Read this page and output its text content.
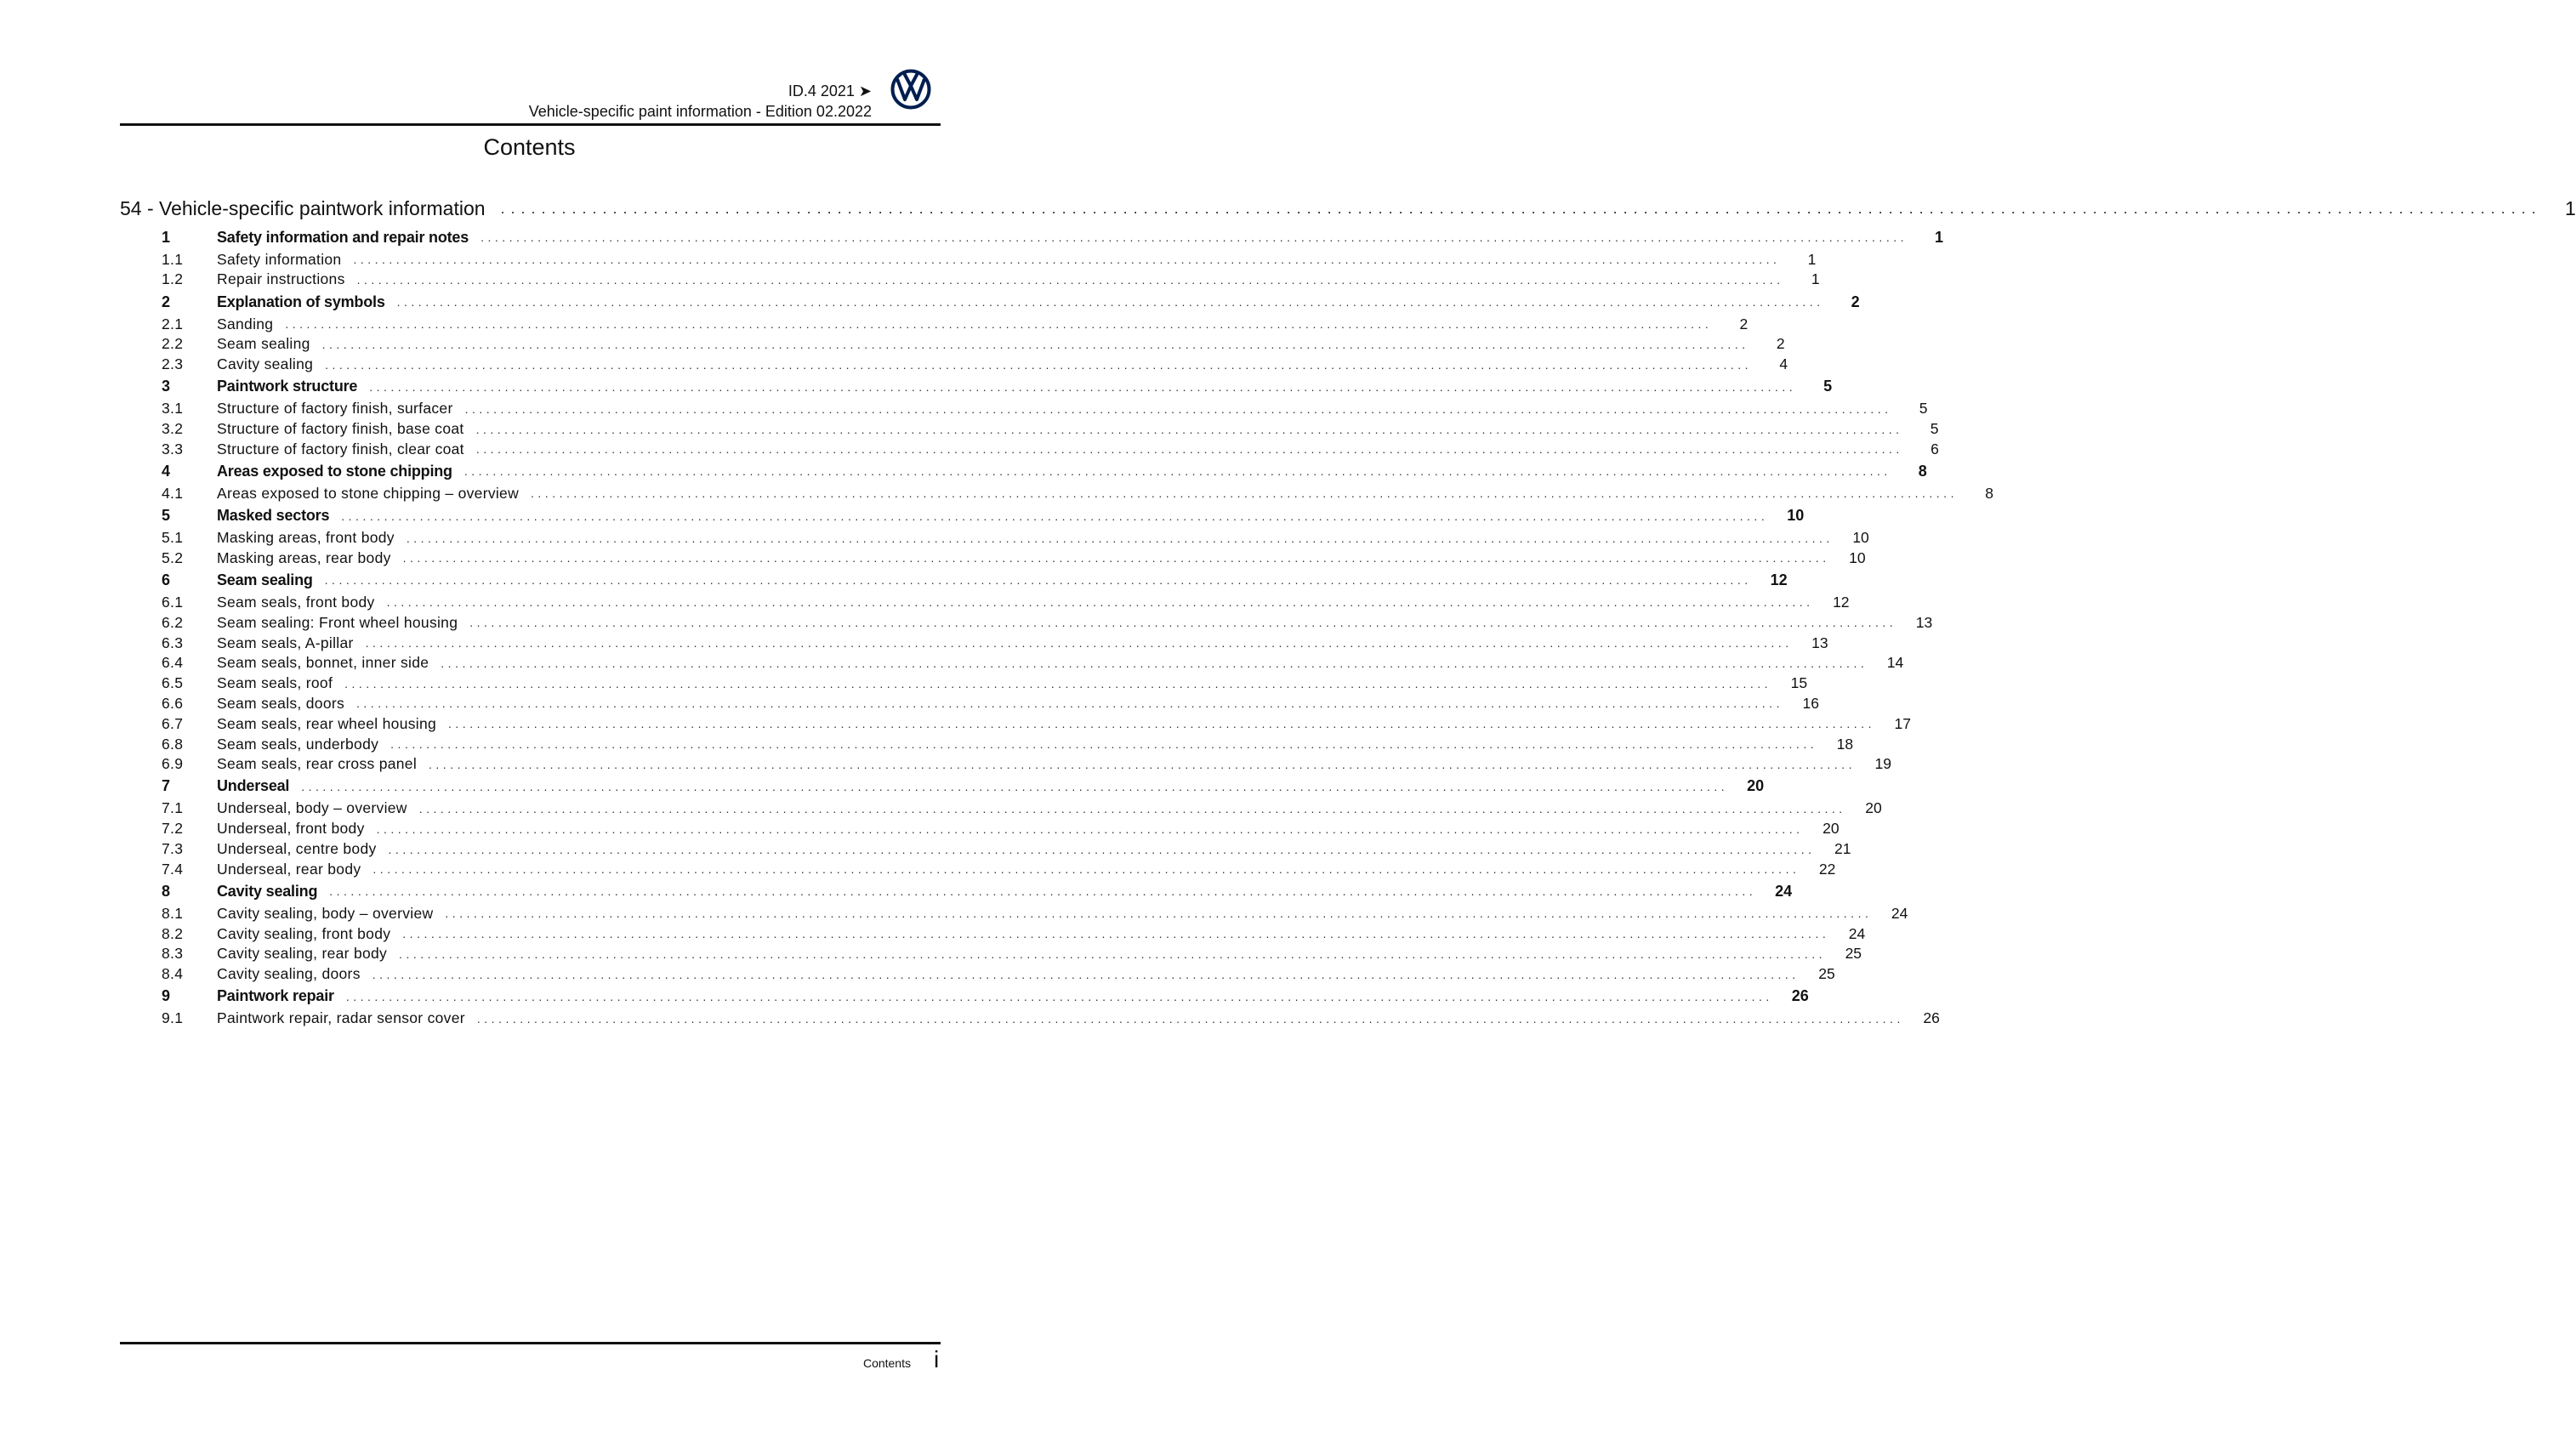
ID.4 2021 ➤
Vehicle-specific paint information - Edition 02.2022
Contents
54 - Vehicle-specific paintwork information ........................................................................................................................................................................................................	1
1	Safety information and repair notes ........................................................................................................................................................................................................	1
1.1	Safety information ........................................................................................................................................................................................................	1
1.2	Repair instructions ........................................................................................................................................................................................................	1
2	Explanation of symbols ........................................................................................................................................................................................................	2
2.1	Sanding ........................................................................................................................................................................................................	2
2.2	Seam sealing ........................................................................................................................................................................................................	2
2.3	Cavity sealing ........................................................................................................................................................................................................	4
3	Paintwork structure ........................................................................................................................................................................................................	5
3.1	Structure of factory finish, surfacer ........................................................................................................................................................................................................	5
3.2	Structure of factory finish, base coat ........................................................................................................................................................................................................	5
3.3	Structure of factory finish, clear coat ........................................................................................................................................................................................................	6
4	Areas exposed to stone chipping ........................................................................................................................................................................................................	8
4.1	Areas exposed to stone chipping – overview ........................................................................................................................................................................................................	8
5	Masked sectors ........................................................................................................................................................................................................	10
5.1	Masking areas, front body ........................................................................................................................................................................................................	10
5.2	Masking areas, rear body ........................................................................................................................................................................................................	10
6	Seam sealing ........................................................................................................................................................................................................	12
6.1	Seam seals, front body ........................................................................................................................................................................................................	12
6.2	Seam sealing: Front wheel housing ........................................................................................................................................................................................................	13
6.3	Seam seals, A-pillar ........................................................................................................................................................................................................	13
6.4	Seam seals, bonnet, inner side ........................................................................................................................................................................................................	14
6.5	Seam seals, roof ........................................................................................................................................................................................................	15
6.6	Seam seals, doors ........................................................................................................................................................................................................	16
6.7	Seam seals, rear wheel housing ........................................................................................................................................................................................................	17
6.8	Seam seals, underbody ........................................................................................................................................................................................................	18
6.9	Seam seals, rear cross panel ........................................................................................................................................................................................................	19
7	Underseal ........................................................................................................................................................................................................	20
7.1	Underseal, body – overview ........................................................................................................................................................................................................	20
7.2	Underseal, front body ........................................................................................................................................................................................................	20
7.3	Underseal, centre body ........................................................................................................................................................................................................	21
7.4	Underseal, rear body ........................................................................................................................................................................................................	22
8	Cavity sealing ........................................................................................................................................................................................................	24
8.1	Cavity sealing, body – overview ........................................................................................................................................................................................................	24
8.2	Cavity sealing, front body ........................................................................................................................................................................................................	24
8.3	Cavity sealing, rear body ........................................................................................................................................................................................................	25
8.4	Cavity sealing, doors ........................................................................................................................................................................................................	25
9	Paintwork repair ........................................................................................................................................................................................................	26
9.1	Paintwork repair, radar sensor cover ........................................................................................................................................................................................................	26
Contents i
